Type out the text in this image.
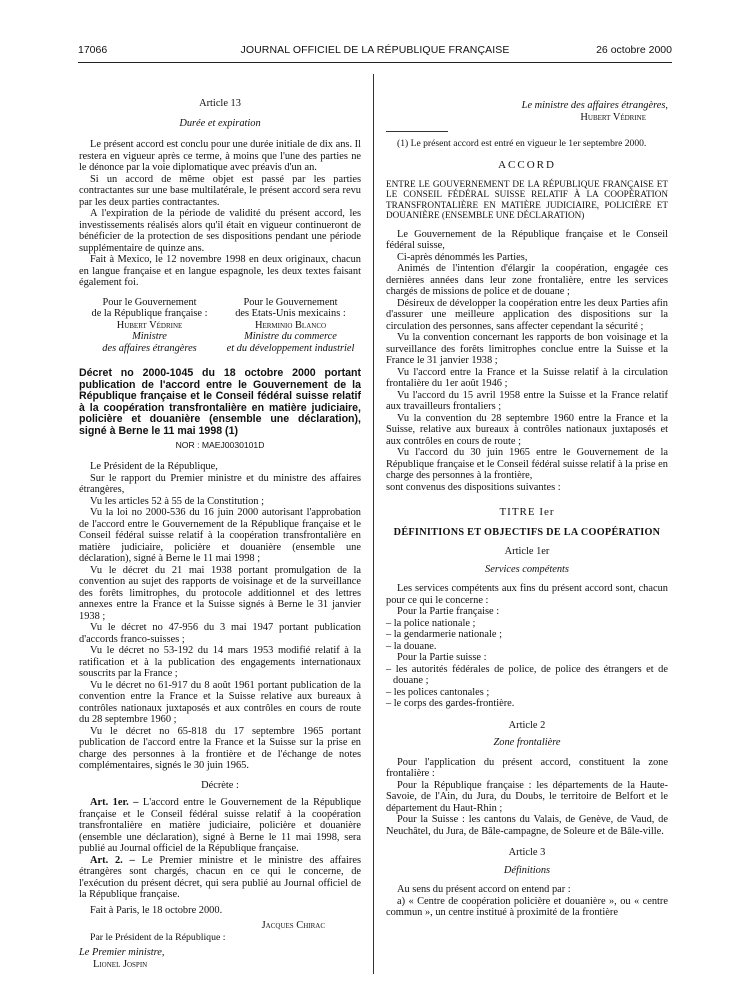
17066	JOURNAL OFFICIEL DE LA RÉPUBLIQUE FRANÇAISE	26 octobre 2000

Article 13

Durée et expiration

Le présent accord est conclu pour une durée initiale de dix ans. Il restera en vigueur après ce terme, à moins que l'une des parties ne le dénonce par la voie diplomatique avec préavis d'un an.

Si un accord de même objet est passé par les parties contractantes sur une base multilatérale, le présent accord sera revu par les deux parties contractantes.

A l'expiration de la période de validité du présent accord, les investissements réalisés alors qu'il était en vigueur continueront de bénéficier de la protection de ses dispositions pendant une période supplémentaire de quinze ans.

Fait à Mexico, le 12 novembre 1998 en deux originaux, chacun en langue française et en langue espagnole, les deux textes faisant également foi.

Pour le Gouvernement
de la République française :
Hubert Védrine
Ministre
des affaires étrangères
Pour le Gouvernement
des Etats-Unis mexicains :
Herminio Blanco
Ministre du commerce
et du développement industriel

Décret no 2000-1045 du 18 octobre 2000 portant publication de l'accord entre le Gouvernement de la République française et le Conseil fédéral suisse relatif à la coopération transfrontalière en matière judiciaire, policière et douanière (ensemble une déclaration), signé à Berne le 11 mai 1998 (1)

NOR : MAEJ0030101D

Le Président de la République,

Sur le rapport du Premier ministre et du ministre des affaires étrangères,

Vu les articles 52 à 55 de la Constitution ;

Vu la loi no 2000-536 du 16 juin 2000 autorisant l'approbation de l'accord entre le Gouvernement de la République française et le Conseil fédéral suisse relatif à la coopération transfrontalière en matière judiciaire, policière et douanière (ensemble une déclaration), signé à Berne le 11 mai 1998 ;

Vu le décret du 21 mai 1938 portant promulgation de la convention au sujet des rapports de voisinage et de la surveillance des forêts limitrophes, du protocole additionnel et des lettres annexes entre la France et la Suisse signés à Berne le 31 janvier 1938 ;

Vu le décret no 47-956 du 3 mai 1947 portant publication d'accords franco-suisses ;

Vu le décret no 53-192 du 14 mars 1953 modifié relatif à la ratification et à la publication des engagements internationaux souscrits par la France ;

Vu le décret no 61-917 du 8 août 1961 portant publication de la convention entre la France et la Suisse relative aux bureaux à contrôles nationaux juxtaposés et aux contrôles en cours de route du 28 septembre 1960 ;

Vu le décret no 65-818 du 17 septembre 1965 portant publication de l'accord entre la France et la Suisse sur la prise en charge des personnes à la frontière et de l'échange de notes complémentaires, signés le 30 juin 1965.

Décrète :

Art. 1er. – L'accord entre le Gouvernement de la République française et le Conseil fédéral suisse relatif à la coopération transfrontalière en matière judiciaire, policière et douanière (ensemble une déclaration), signé à Berne le 11 mai 1998, sera publié au Journal officiel de la République française.

Art. 2. – Le Premier ministre et le ministre des affaires étrangères sont chargés, chacun en ce qui le concerne, de l'exécution du présent décret, qui sera publié au Journal officiel de la République française.

Fait à Paris, le 18 octobre 2000.

Jacques Chirac

Par le Président de la République :

Le Premier ministre,

Lionel Jospin

Le ministre des affaires étrangères,

Hubert Védrine

(1) Le présent accord est entré en vigueur le 1er septembre 2000.

ACCORD

ENTRE LE GOUVERNEMENT DE LA RÉPUBLIQUE FRANÇAISE ET LE CONSEIL FÉDÉRAL SUISSE RELATIF À LA COOPÉRATION TRANSFRONTALIÈRE EN MATIÈRE JUDICIAIRE, POLICIÈRE ET DOUANIÈRE (ENSEMBLE UNE DÉCLARATION)

Le Gouvernement de la République française et le Conseil fédéral suisse,

Ci-après dénommés les Parties,

Animés de l'intention d'élargir la coopération, engagée ces dernières années dans leur zone frontalière, entre les services chargés de missions de police et de douane ;

Désireux de développer la coopération entre les deux Parties afin d'assurer une meilleure application des dispositions sur la circulation des personnes, sans affecter cependant la sécurité ;

Vu la convention concernant les rapports de bon voisinage et la surveillance des forêts limitrophes conclue entre la Suisse et la France le 31 janvier 1938 ;

Vu l'accord entre la France et la Suisse relatif à la circulation frontalière du 1er août 1946 ;

Vu l'accord du 15 avril 1958 entre la Suisse et la France relatif aux travailleurs frontaliers ;

Vu la convention du 28 septembre 1960 entre la France et la Suisse, relative aux bureaux à contrôles nationaux juxtaposés et aux contrôles en cours de route ;

Vu l'accord du 30 juin 1965 entre le Gouvernement de la République française et le Conseil fédéral suisse relatif à la prise en charge des personnes à la frontière,

sont convenus des dispositions suivantes :

TITRE Ier

DÉFINITIONS ET OBJECTIFS DE LA COOPÉRATION

Article 1er

Services compétents

Les services compétents aux fins du présent accord sont, chacun pour ce qui le concerne :

Pour la Partie française :

– la police nationale ;

– la gendarmerie nationale ;

– la douane.

Pour la Partie suisse :

– les autorités fédérales de police, de police des étrangers et de douane ;

– les polices cantonales ;

– le corps des gardes-frontière.

Article 2

Zone frontalière

Pour l'application du présent accord, constituent la zone frontalière :

Pour la République française : les départements de la Haute-Savoie, de l'Ain, du Jura, du Doubs, le territoire de Belfort et le département du Haut-Rhin ;

Pour la Suisse : les cantons du Valais, de Genève, de Vaud, de Neuchâtel, du Jura, de Bâle-campagne, de Soleure et de Bâle-ville.

Article 3

Définitions

Au sens du présent accord on entend par :

a) « Centre de coopération policière et douanière », ou « centre commun », un centre institué à proximité de la frontière
